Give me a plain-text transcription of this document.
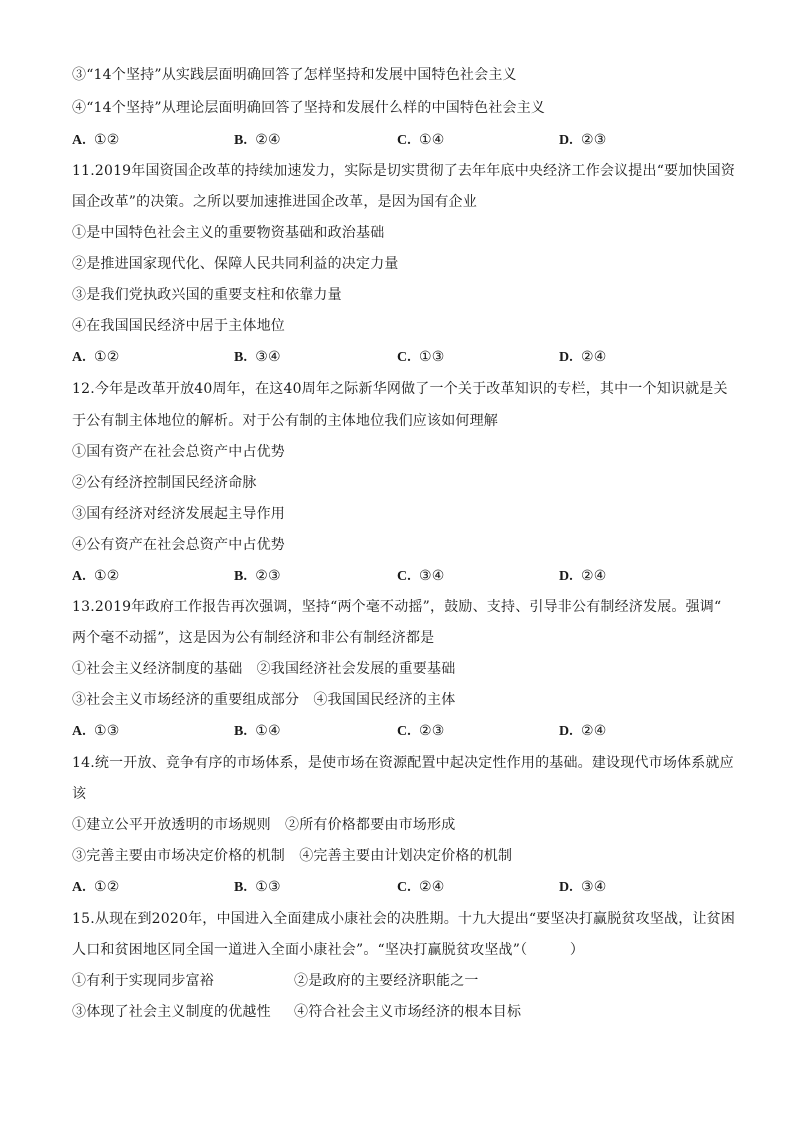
③“14个坚持”从实践层面明确回答了怎样坚持和发展中国特色社会主义
④“14个坚持”从理论层面明确回答了坚持和发展什么样的中国特色社会主义
A. ①②	B. ②④	C. ①④	D. ②③
11.2019年国资国企改革的持续加速发力，实际是切实贯彻了去年年底中央经济工作会议提出“要加快国资
国企改革”的决策。之所以要加速推进国企改革，是因为国有企业
①是中国特色社会主义的重要物资基础和政治基础
②是推进国家现代化、保障人民共同利益的决定力量
③是我们党执政兴国的重要支柱和依靠力量
④在我国国民经济中居于主体地位
A. ①②	B. ③④	C. ①③	D. ②④
12.今年是改革开放40周年，在这40周年之际新华网做了一个关于改革知识的专栏，其中一个知识就是关
于公有制主体地位的解析。对于公有制的主体地位我们应该如何理解
①国有资产在社会总资产中占优势
②公有经济控制国民经济命脉
③国有经济对经济发展起主导作用
④公有资产在社会总资产中占优势
A. ①②	B. ②③	C. ③④	D. ②④
13.2019年政府工作报告再次强调，坚持“两个毫不动摇”，鼓励、支持、引导非公有制经济发展。强调“
两个毫不动摇”，这是因为公有制经济和非公有制经济都是
①社会主义经济制度的基础　②我国经济社会发展的重要基础
③社会主义市场经济的重要组成部分　④我国国民经济的主体
A. ①③	B. ①④	C. ②③	D. ②④
14.统一开放、竞争有序的市场体系，是使市场在资源配置中起决定性作用的基础。建设现代市场体系就应
该
①建立公平开放透明的市场规则　②所有价格都要由市场形成
③完善主要由市场决定价格的机制　④完善主要由计划决定价格的机制
A. ①②	B. ①③	C. ②④	D. ③④
15.从现在到2020年，中国进入全面建成小康社会的决胜期。十九大提出“要坚决打赢脱贫攻坚战，让贫困
人口和贫困地区同全国一道进入全面小康社会”。“坚决打赢脱贫攻坚战”（　　　）
①有利于实现同步富裕	②是政府的主要经济职能之一
③体现了社会主义制度的优越性 ④符合社会主义市场经济的根本目标
